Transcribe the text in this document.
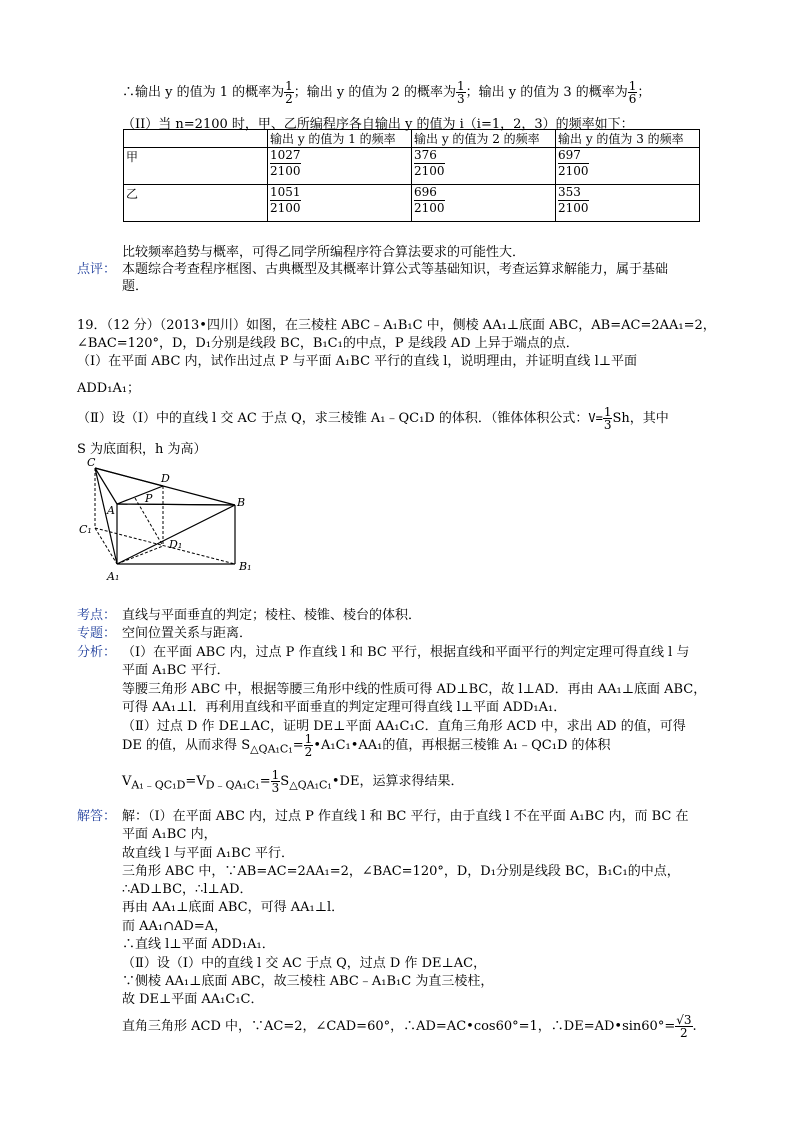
∴输出 y 的值为 1 的概率为 $\frac{1}{2}$ ；输出 y 的值为 2 的概率为 $\frac{1}{3}$ ；输出 y 的值为 3 的概率为 $\frac{1}{6}$ ；
（II）当 n=2100 时，甲、乙所编程序各自输出 y 的值为 i（i=1，2，3）的频率如下：
	输出 y 的值为 1 的频率	输出 y 的值为 2 的频率	输出 y 的值为 3 的频率
甲	$\frac{1027}{2100}$	$\frac{376}{2100}$	$\frac{697}{2100}$
乙	$\frac{1051}{2100}$	$\frac{696}{2100}$	$\frac{353}{2100}$
比较频率趋势与概率，可得乙同学所编程序符合算法要求的可能性大．
点评： 本题综合考查程序框图、古典概型及其概率计算公式等基础知识，考查运算求解能力，属于基础
题．
19．（12 分）（2013•四川）如图，在三棱柱 ABC﹣A₁B₁C 中，侧棱 AA₁⊥底面 ABC，AB=AC=2AA₁=2，
∠BAC=120°，D，D₁分别是线段 BC，B₁C₁的中点，P 是线段 AD 上异于端点的点．
（Ⅰ）在平面 ABC 内，试作出过点 P 与平面 A₁BC 平行的直线 l，说明理由，并证明直线 l⊥平面
ADD₁A₁；
（Ⅱ）设（Ⅰ）中的直线 l 交 AC 于点 Q，求三棱锥 A₁﹣QC₁D 的体积．（锥体体积公式：$V= \frac{1}{3}$ Sh，其中
S 为底面积，h 为高）
C
D
P
A
B
C₁
D₁
A₁
B₁
考点： 直线与平面垂直的判定；棱柱、棱锥、棱台的体积．
专题： 空间位置关系与距离．
分析： （Ⅰ）在平面 ABC 内，过点 P 作直线 l 和 BC 平行，根据直线和平面平行的判定定理可得直线 l 与
平面 A₁BC 平行．
等腰三角形 ABC 中，根据等腰三角形中线的性质可得 AD⊥BC，故 l⊥AD．再由 AA₁⊥底面 ABC，
可得 AA₁⊥l．再利用直线和平面垂直的判定定理可得直线 l⊥平面 ADD₁A₁．
（Ⅱ）过点 D 作 DE⊥AC，证明 DE⊥平面 AA₁C₁C．直角三角形 ACD 中，求出 AD 的值，可得
DE 的值，从而求得 $S_{\triangle QA_1C_1}= \frac{1}{2}$ •A₁C₁•AA₁的值，再根据三棱锥 A₁﹣QC₁D 的体积
$V_{A_1﹣QC_1D}=V_{D﹣QA_1C_1}= \frac{1}{3}$ $S_{\triangle QA_1C_1}•DE$，运算求得结果．
解答： 解：（Ⅰ）在平面 ABC 内，过点 P 作直线 l 和 BC 平行，由于直线 l 不在平面 A₁BC 内，而 BC 在
平面 A₁BC 内，
故直线 l 与平面 A₁BC 平行．
三角形 ABC 中，∵AB=AC=2AA₁=2，∠BAC=120°，D，D₁分别是线段 BC，B₁C₁的中点，
∴AD⊥BC，∴l⊥AD．
再由 AA₁⊥底面 ABC，可得 AA₁⊥l．
而 AA₁∩AD=A，
∴直线 l⊥平面 ADD₁A₁．
（Ⅱ）设（Ⅰ）中的直线 l 交 AC 于点 Q，过点 D 作 DE⊥AC，
∵侧棱 AA₁⊥底面 ABC，故三棱柱 ABC﹣A₁B₁C 为直三棱柱，
故 DE⊥平面 AA₁C₁C．
直角三角形 ACD 中，∵AC=2，∠CAD=60°，∴AD=AC•cos60°=1，∴DE=AD•sin60°= $\frac{√3}{2}$ .
